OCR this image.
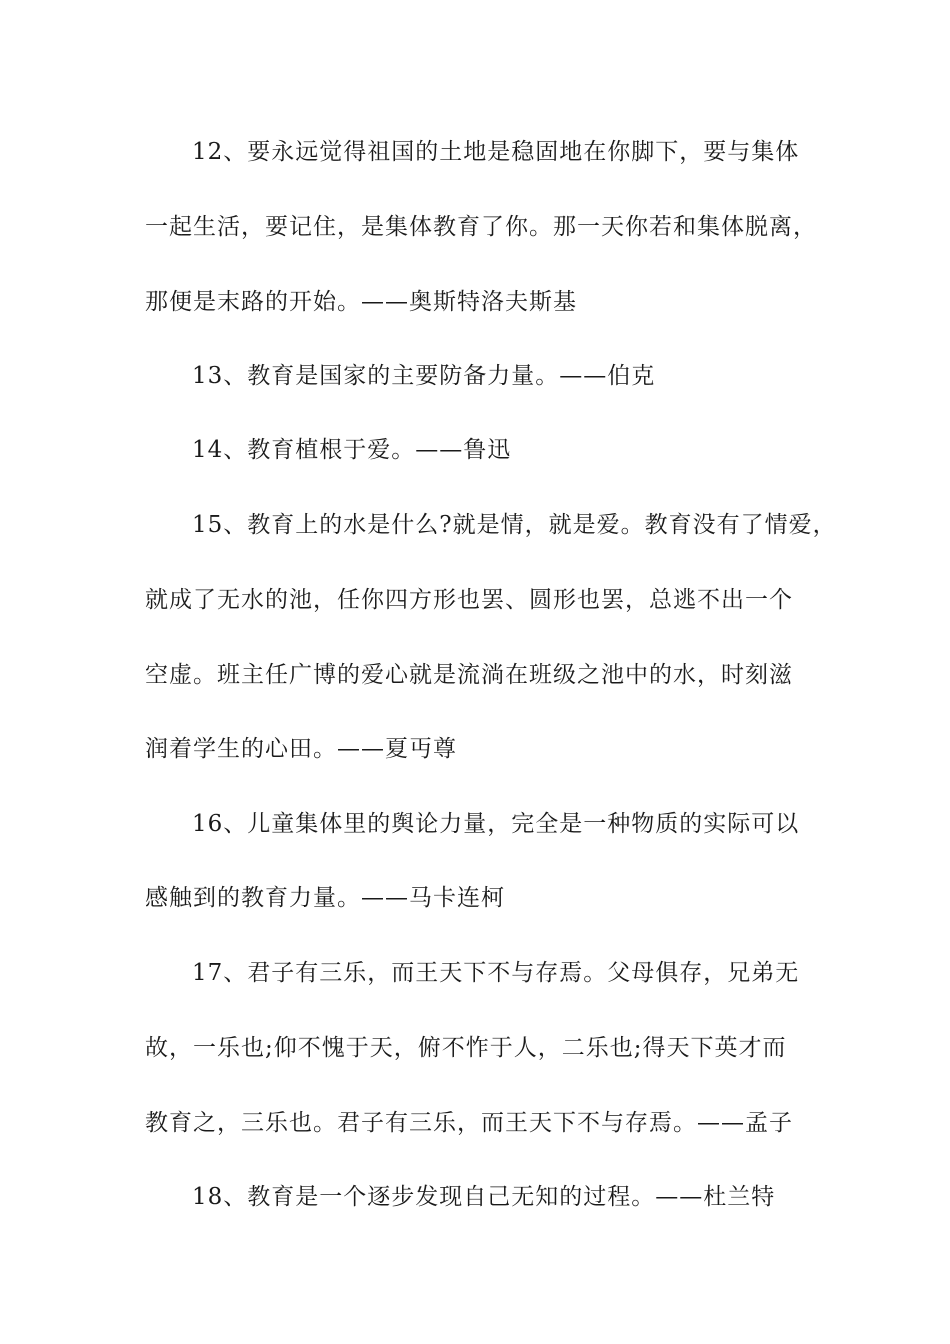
12、要永远觉得祖国的土地是稳固地在你脚下，要与集体
一起生活，要记住，是集体教育了你。那一天你若和集体脱离，
那便是末路的开始。——奥斯特洛夫斯基
13、教育是国家的主要防备力量。——伯克
14、教育植根于爱。——鲁迅
15、教育上的水是什么?就是情，就是爱。教育没有了情爱，
就成了无水的池，任你四方形也罢、圆形也罢，总逃不出一个
空虚。班主任广博的爱心就是流淌在班级之池中的水，时刻滋
润着学生的心田。——夏丏尊
16、儿童集体里的舆论力量，完全是一种物质的实际可以
感触到的教育力量。——马卡连柯
17、君子有三乐，而王天下不与存焉。父母俱存，兄弟无
故，一乐也;仰不愧于天，俯不怍于人，二乐也;得天下英才而
教育之，三乐也。君子有三乐，而王天下不与存焉。——孟子
18、教育是一个逐步发现自己无知的过程。——杜兰特
